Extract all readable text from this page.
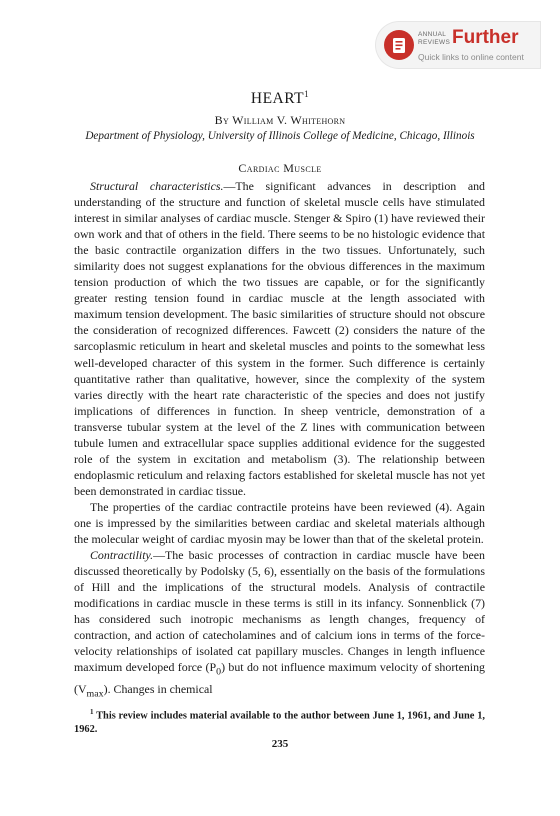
ANNUAL
REVIEWS Further
Quick links to online content
HEART$^1$
By William V. Whitehorn
Department of Physiology, University of Illinois College of Medicine, Chicago, Illinois
Cardiac Muscle

Structural characteristics.—The significant advances in description and understanding of the structure and function of skeletal muscle cells have stimulated interest in similar analyses of cardiac muscle. Stenger & Spiro (1) have reviewed their own work and that of others in the field. There seems to be no histologic evidence that the basic contractile organization differs in the two tissues. Unfortunately, such similarity does not suggest explanations for the obvious differences in the maximum tension production of which the two tissues are capable, or for the significantly greater resting tension found in cardiac muscle at the length associated with maximum tension development. The basic similarities of structure should not obscure the consideration of recognized differences. Fawcett (2) considers the nature of the sarcoplasmic reticulum in heart and skeletal muscles and points to the somewhat less well-developed character of this system in the former. Such difference is certainly quantitative rather than qualitative, however, since the complexity of the system varies directly with the heart rate characteristic of the species and does not justify implications of differences in function. In sheep ventricle, demonstration of a transverse tubular system at the level of the Z lines with communication between tubule lumen and extracellular space supplies additional evidence for the suggested role of the system in excitation and metabolism (3). The relationship between endoplasmic reticulum and relaxing factors established for skeletal muscle has not yet been demonstrated in cardiac tissue.

The properties of the cardiac contractile proteins have been reviewed (4). Again one is impressed by the similarities between cardiac and skeletal materials although the molecular weight of cardiac myosin may be lower than that of the skeletal protein.

Contractility.—The basic processes of contraction in cardiac muscle have been discussed theoretically by Podolsky (5, 6), essentially on the basis of the formulations of Hill and the implications of the structural models. Analysis of contractile modifications in cardiac muscle in these terms is still in its infancy. Sonnenblick (7) has considered such inotropic mechanisms as length changes, frequency of contraction, and action of catecholamines and of calcium ions in terms of the force-velocity relationships of isolated cat papillary muscles. Changes in length influence maximum developed force $(P_0)$ but do not influence maximum velocity of shortening $(V_{max})$. Changes in chemical

$^1$ This review includes material available to the author between June 1, 1961, and June 1, 1962.
235
